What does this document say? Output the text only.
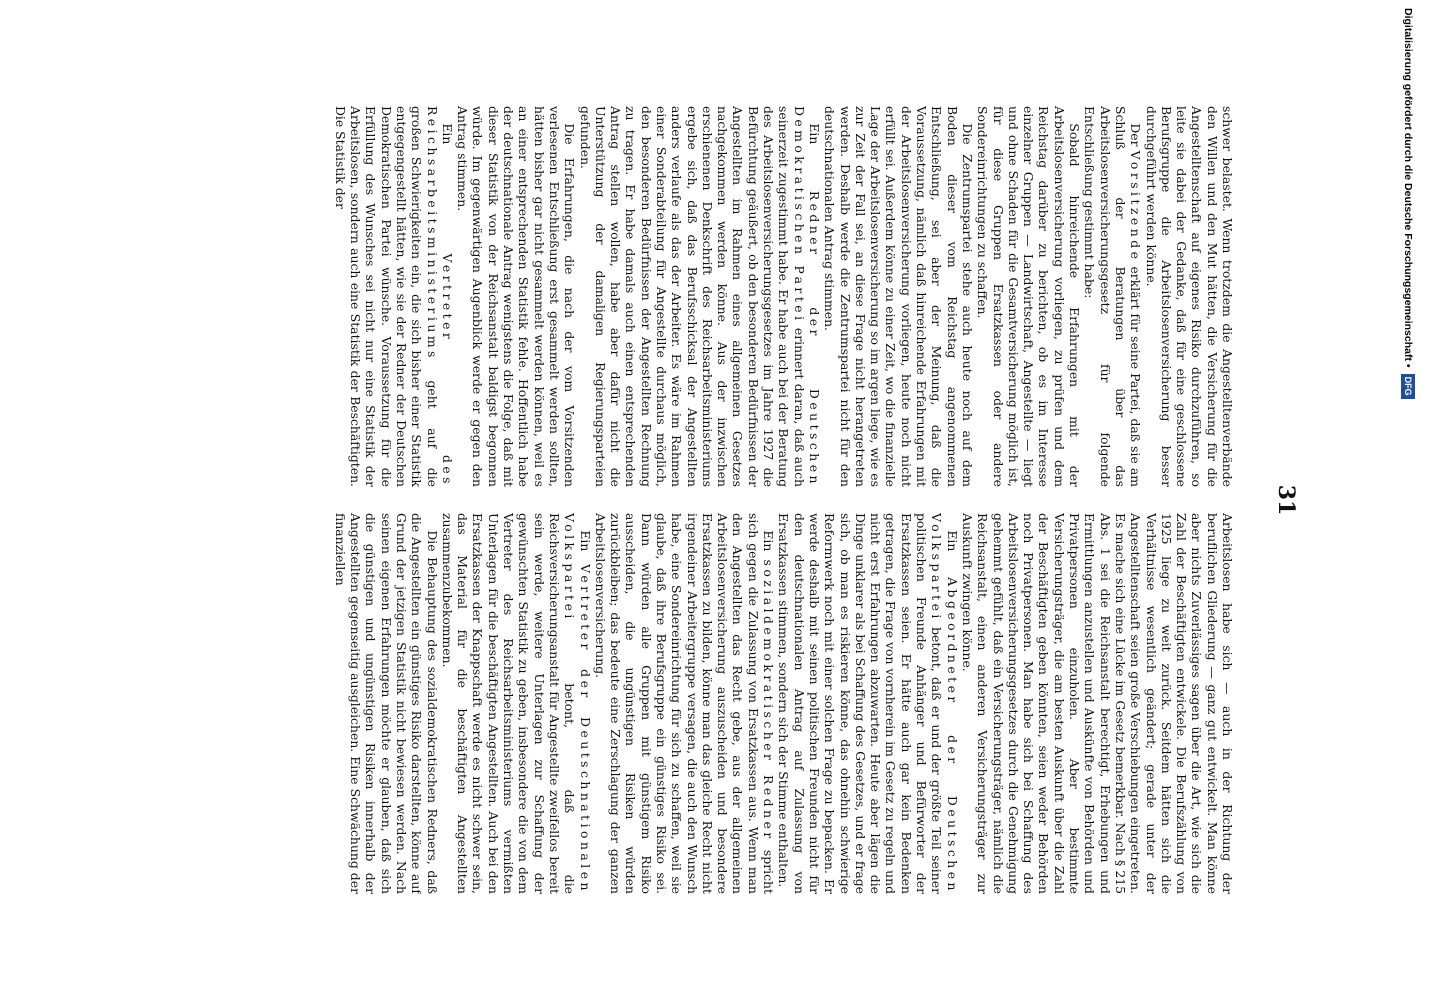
31

schwer belastet. Wenn trotzdem die Angestelltenverbände den Willen und den Mut hätten, die Versicherung für die Angestelltenschaft auf eigenes Risiko durchzuführen, so leite sie dabei der Gedanke, daß für eine geschlossene Berufsgruppe die Arbeitslosenversicherung besser durchgeführt werden könne.

Der Vorsitzende erklärt für seine Partei, daß sie am Schluß der Beratungen über das Arbeitslosenversicherungsgesetz für folgende Entschließung gestimmt habe:

Sobald hinreichende Erfahrungen mit der Arbeitslosenversicherung vorliegen, zu prüfen und dem Reichstag darüber zu berichten, ob es im Interesse einzelner Gruppen — Landwirtschaft, Angestellte — liegt und ohne Schaden für die Gesamtversicherung möglich ist, für diese Gruppen Ersatzkassen oder andere Sondereinrichtungen zu schaffen.

Die Zentrumspartei stehe auch heute noch auf dem Boden dieser vom Reichstag angenommenen Entschließung, sei aber der Meinung, daß die Voraussetzung, nämlich daß hinreichende Erfahrungen mit der Arbeitslosenversicherung vorliegen, heute noch nicht erfüllt sei. Außerdem könne zu einer Zeit, wo die finanzielle Lage der Arbeitslosenversicherung so im argen liege, wie es zur Zeit der Fall sei, an diese Frage nicht herangetreten werden. Deshalb werde die Zentrumspartei nicht für den deutschnationalen Antrag stimmen.

Ein Redner der Deutschen Demokratischen Partei erinnert daran, daß auch seinerzeit zugestimmt habe. Er habe auch bei der Beratung des Arbeitslosenversicherungsgesetzes im Jahre 1927 die Befürchtung geäußert, ob den besonderen Bedürfnissen der Angestellten im Rahmen eines allgemeinen Gesetzes nachgekommen werden könne. Aus der inzwischen erschienenen Denkschrift des Reichsarbeitsministeriums ergebe sich, daß das Berufsschicksal der Angestellten anders verlaufe als das der Arbeiter. Es wäre im Rahmen einer Sonderabteilung für Angestellte durchaus möglich, den besonderen Bedürfnissen der Angestellten Rechnung zu tragen. Er habe damals auch einen entsprechenden Antrag stellen wollen, habe aber dafür nicht die Unterstützung der damaligen Regierungsparteien gefunden.

Die Erfahrungen, die nach der vom Vorsitzenden verlesenen Entschließung erst gesammelt werden sollten, hätten bisher gar nicht gesammelt werden können, weil es an einer entsprechenden Statistik fehle. Hoffentlich habe der deutschnationale Antrag wenigstens die Folge, daß mit dieser Statistik von der Reichsanstalt baldigst begonnen würde. Im gegenwärtigen Augenblick werde er gegen den Antrag stimmen.

Ein Vertreter des Reichsarbeitsministeriums geht auf die großen Schwierigkeiten ein, die sich bisher einer Statistik entgegengestellt hätten, wie sie der Redner der Deutschen Demokratischen Partei wünsche. Voraussetzung für die Erfüllung des Wunsches sei nicht nur eine Statistik der Arbeitslosen, sondern auch eine Statistik der Beschäftigten. Die Statistik der

Arbeitslosen habe sich — auch in der Richtung der beruflichen Gliederung — ganz gut entwickelt. Man könne aber nichts Zuverlässiges sagen über die Art, wie sich die Zahl der Beschäftigten entwickele. Die Berufszählung von 1925 liege zu weit zurück. Seitdem hätten sich die Verhältnisse wesentlich geändert; gerade unter der Angestelltenschaft seien große Verschiebungen eingetreten. Es mache sich eine Lücke im Gesetz bemerkbar. Nach § 215 Abs. 1 sei die Reichsanstalt berechtigt, Erhebungen und Ermittlungen anzustellen und Auskünfte von Behörden und Privatpersonen einzuholen. Aber bestimmte Versicherungsträger, die am besten Auskunft über die Zahl der Beschäftigten geben könnten, seien weder Behörden noch Privatpersonen. Man habe sich bei Schaffung des Arbeitslosenversicherungsgesetzes durch die Genehmigung gehemmt gefühlt, daß ein Versicherungsträger, nämlich die Reichsanstalt, einen anderen Versicherungsträger zur Auskunft zwingen könne.

Ein Abgeordneter der Deutschen Volkspartei betont, daß er und der größte Teil seiner politischen Freunde Anhänger und Befürworter der Ersatzkassen seien. Er hätte auch gar kein Bedenken getragen, die Frage von vornherein im Gesetz zu regeln und nicht erst Erfahrungen abzuwarten. Heute aber lägen die Dinge unklarer als bei Schaffung des Gesetzes, und er frage sich, ob man es riskieren könne, das ohnehin schwierige Reformwerk noch mit einer solchen Frage zu bepacken. Er werde deshalb mit seinen politischen Freunden nicht für den deutschnationalen Antrag auf Zulassung von Ersatzkassen stimmen, sondern sich der Stimme enthalten.

Ein sozialdemokratischer Redner spricht sich gegen die Zulassung von Ersatzkassen aus. Wenn man den Angestellten das Recht gebe, aus der allgemeinen Arbeitslosenversicherung auszuscheiden und besondere Ersatzkassen zu bilden, könne man das gleiche Recht nicht irgendeiner Arbeitergruppe versagen, die auch den Wunsch habe, eine Sondereinrichtung für sich zu schaffen, weil sie glaube, daß ihre Berufsgruppe ein günstiges Risiko sei. Dann würden alle Gruppen mit günstigem Risiko ausscheiden, die ungünstigen Risiken würden zurückbleiben; das bedeute eine Zerschlagung der ganzen Arbeitslosenversicherung.

Ein Vertreter der Deutschnationalen Volkspartei betont, daß die Reichsversicherungsanstalt für Angestellte zweifellos bereit sein werde, weitere Unterlagen zur Schaffung der gewünschten Statistik zu geben, insbesondere die von dem Vertreter des Reichsarbeitsministeriums vermißten Unterlagen für die beschäftigten Angestellten. Auch bei den Ersatzkassen der Knappschaft werde es nicht schwer sein, das Material für die beschäftigten Angestellten zusammenzubekommen.

Die Behauptung des sozialdemokratischen Redners, daß die Angestellten ein günstiges Risiko darstellten, könne auf Grund der jetzigen Statistik nicht bewiesen werden. Nach seinen eigenen Erfahrungen möchte er glauben, daß sich die günstigen und ungünstigen Risiken innerhalb der Angestellten gegenseitig ausgleichen. Eine Schwächung der finanziellen

Digitalisierung gefördert durch die Deutsche Forschungsgemeinschaft •
DFG
